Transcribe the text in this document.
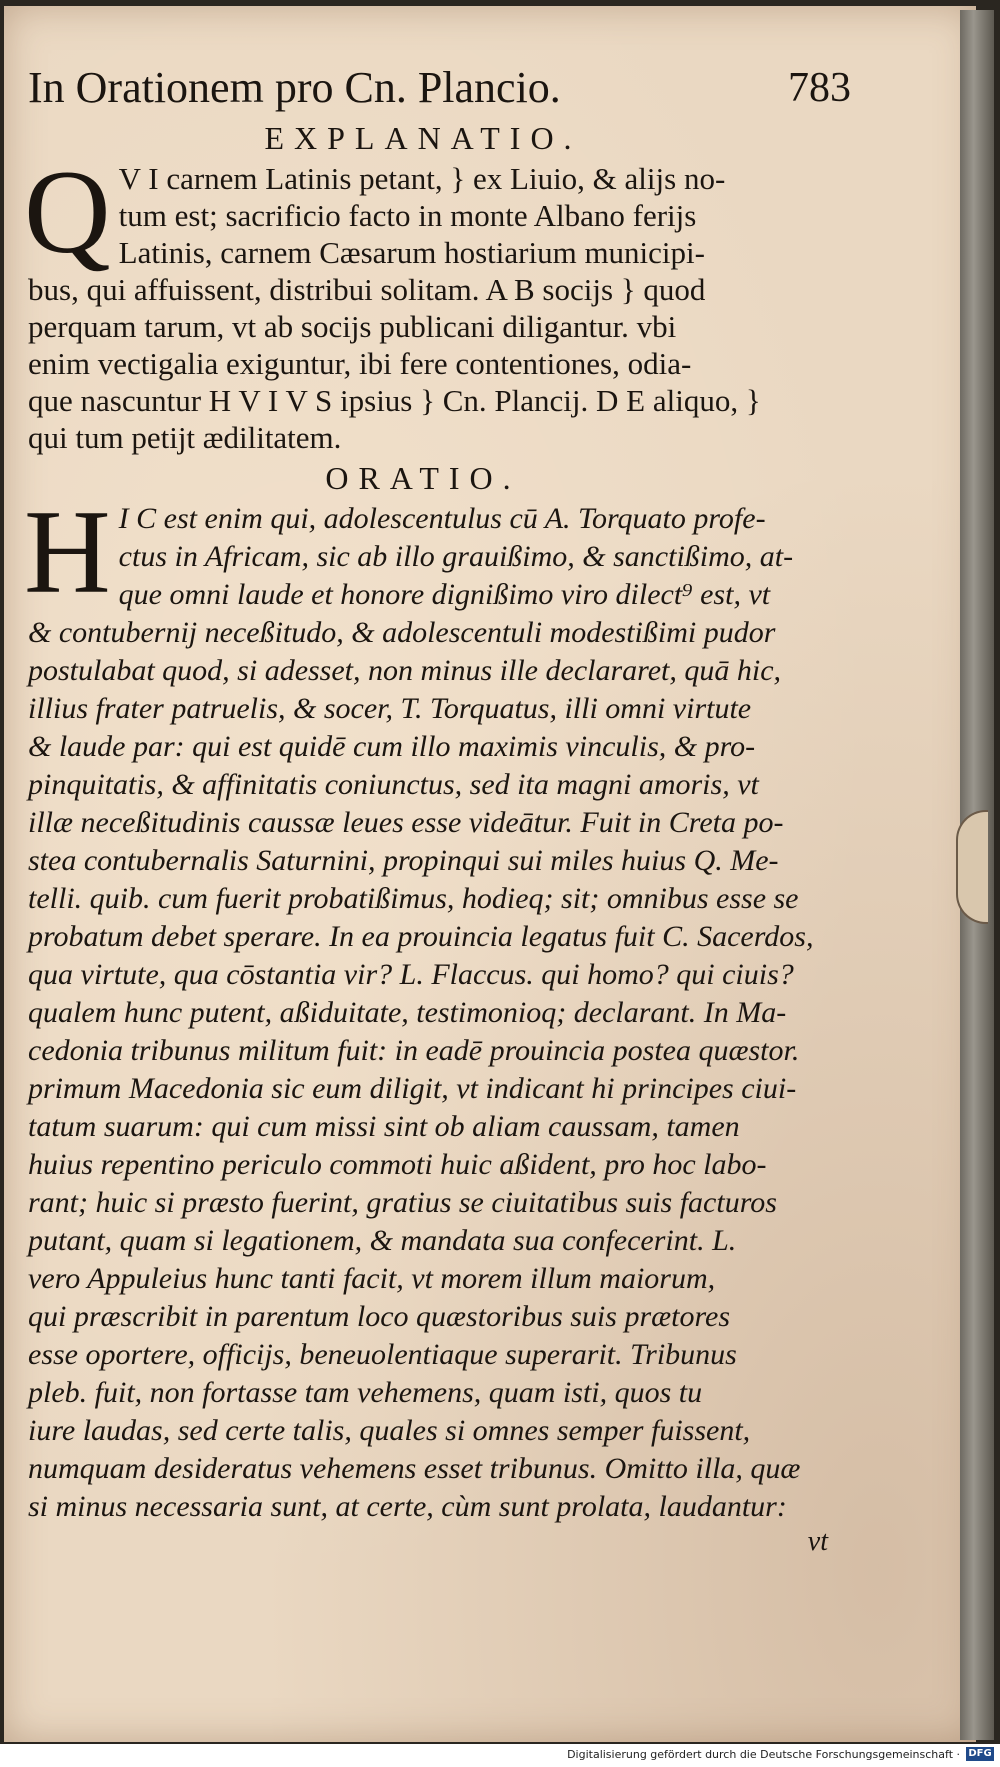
In Orationem pro Cn. Plancio.	783
EXPLANATIO.
Q V I carnem Latinis petant, } ex Liuio, & alijs no-
tum est; sacrificio facto in monte Albano ferijs
Latinis, carnem Cæsarum hostiarium municipi-
bus, qui affuissent, distribui solitam. A B socijs } quod
perquam tarum, vt ab socijs publicani diligantur. vbi
enim vectigalia exiguntur, ibi fere contentiones, odia-
que nascuntur H V I V S ipsius } Cn. Plancij. D E aliquo, }
qui tum petijt ædilitatem.
ORATIO.
H I C est enim qui, adolescentulus cū A. Torquato profe-
ctus in Africam, sic ab illo grauißimo, & sanctißimo, at-
que omni laude et honore dignißimo viro dilect⁹ est, vt
& contubernij neceßitudo, & adolescentuli modestißimi pudor
postulabat quod, si adesset, non minus ille declararet, quā hic,
illius frater patruelis, & socer, T. Torquatus, illi omni virtute
& laude par: qui est quidē cum illo maximis vinculis, & pro-
pinquitatis, & affinitatis coniunctus, sed ita magni amoris, vt
illæ neceßitudinis caussæ leues esse videātur. Fuit in Creta po-
stea contubernalis Saturnini, propinqui sui miles huius Q. Me-
telli. quib. cum fuerit probatißimus, hodieq; sit; omnibus esse se
probatum debet sperare. In ea prouincia legatus fuit C. Sacerdos,
qua virtute, qua cōstantia vir? L. Flaccus. qui homo? qui ciuis?
qualem hunc putent, aßiduitate, testimonioq; declarant. In Ma-
cedonia tribunus militum fuit: in eadē prouincia postea quæstor.
primum Macedonia sic eum diligit, vt indicant hi principes ciui-
tatum suarum: qui cum missi sint ob aliam caussam, tamen
huius repentino periculo commoti huic aßident, pro hoc labo-
rant; huic si præsto fuerint, gratius se ciuitatibus suis facturos
putant, quam si legationem, & mandata sua confecerint. L.
vero Appuleius hunc tanti facit, vt morem illum maiorum,
qui præscribit in parentum loco quæstoribus suis prætores
esse oportere, officijs, beneuolentiaque superarit. Tribunus
pleb. fuit, non fortasse tam vehemens, quam isti, quos tu
iure laudas, sed certe talis, quales si omnes semper fuissent,
numquam desideratus vehemens esset tribunus. Omitto illa, quæ
si minus necessaria sunt, at certe, cùm sunt prolata, laudantur:
vt
Digitalisierung gefördert durch die Deutsche Forschungsgemeinschaft · DFG
